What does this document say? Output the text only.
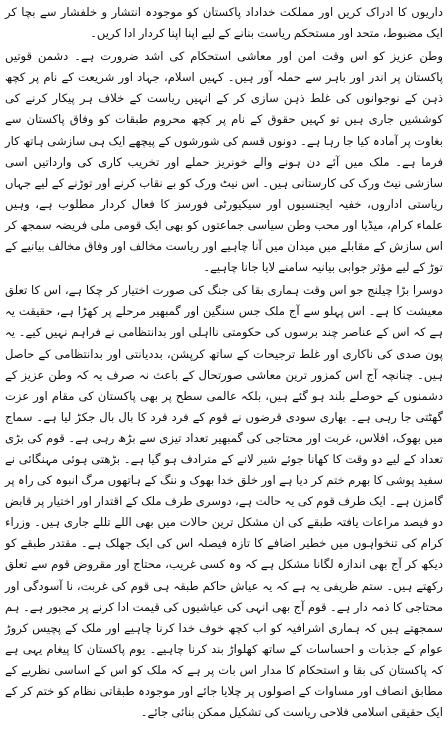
داریوں کا ادراک کریں اور مملکت خداداد پاکستان کو موجودہ انتشار و خلفشار سے بچا کر ایک مضبوط، متحد اور مستحکم ریاست بنانے کے لیے اپنا اپنا کردار ادا کریں۔

وطن عزیز کو اس وقت امن اور معاشی استحکام کی اشد ضرورت ہے۔ دشمن قوتیں پاکستان پر اندر اور باہر سے حملہ آور ہیں۔ کہیں اسلام، جہاد اور شریعت کے نام پر کچھ ذہن کے نوجوانوں کی غلط ذہن سازی کر کے انہیں ریاست کے خلاف ہر پیکار کرنے کی کوششیں جاری ہیں تو کہیں حقوق کے نام پر کچھ محروم طبقات کو وفاق پاکستان سے بغاوت پر آمادہ کیا جا رہا ہے۔ دونوں قسم کی شورشوں کے پیچھے ایک ہی سازشی ہاتھ کار فرما ہے۔ ملک میں آئے دن ہونے والے خونریز حملے اور تخریب کاری کی وارداتیں اسی سازشی نیٹ ورک کی کارستانی ہیں۔ اس نیٹ ورک کو بے نقاب کرنے اور توڑنے کے لیے جہاں ریاستی اداروں، خفیہ ایجنسیوں اور سیکیورٹی فورسز کا فعال کردار مطلوب ہے، وہیں علماء کرام، میڈیا اور محب وطن سیاسی جماعتوں کو بھی ایک قومی ملی فریضہ سمجھ کر اس سازش کے مقابلے میں میدان میں آنا چاہیے اور ریاست مخالف اور وفاق مخالف بیانیے کے توڑ کے لیے مؤثر جوابی بیانیہ سامنے لایا جانا چاہیے۔

دوسرا بڑا چیلنج جو اس وقت ہماری بقا کی جنگ کی صورت اختیار کر چکا ہے، اس کا تعلق معیشت کا ہے۔ اس پہلو سے آج ملک جس سنگین اور گمبھیر مرحلے پر کھڑا ہے، حقیقت یہ ہے کہ اس کے عناصر چند برسوں کی حکومتی نااہلی اور بدانتظامی نے فراہم نہیں کیے۔ یہ پون صدی کی ناکاری اور غلط ترجیحات کے ساتھ کرپشن، بددیانتی اور بدانتظامی کے حاصل ہیں۔ چنانچہ آج اس کمزور ترین معاشی صورتحال کے باعث نہ صرف یہ کہ وطن عزیز کے دشمنوں کے حوصلے بلند ہو گئے ہیں، بلکہ عالمی سطح پر بھی پاکستان کی مقام اور عزت گھٹتی جا رہی ہے۔ بھاری سودی قرضوں نے قوم کے فرد فرد کا بال بال جکڑ لیا ہے۔ سماج میں بھوک، افلاس، غربت اور محتاجی کی گمبھیر تعداد تیزی سے بڑھ رہی ہے۔ قوم کی بڑی تعداد کے لیے دو وقت کا کھانا جوئے شیر لانے کے مترادف ہو گیا ہے۔ بڑھتی ہوئی مہنگائی نے سفید پوشی کا بھرم ختم کر دیا ہے اور خلق خدا بھوک و ننگ کے ہاتھوں مرگ انبوہ کی راہ پر گامزن ہے۔ ایک طرف قوم کی یہ حالت ہے، دوسری طرف ملک کے اقتدار اور اختیار پر قابض دو فیصد مراعات یافتہ طبقے کی ان مشکل ترین حالات میں بھی اللے تللے جاری ہیں۔ وزراء کرام کی تنخواہوں میں خطیر اضافے کا تازہ فیصلہ اس کی ایک جھلک ہے۔ مقتدر طبقے کو دیکھ کر آج بھی اندازہ لگانا مشکل ہے کہ وہ کسی غریب، محتاج اور مقروض قوم سے تعلق رکھتے ہیں۔ ستم ظریفی یہ ہے کہ یہ عیاش حاکم طبقہ ہی قوم کی غربت، نا آسودگی اور محتاجی کا ذمہ دار ہے۔ قوم آج بھی انہی کی عیاشیوں کی قیمت ادا کرنے پر مجبور ہے۔ ہم سمجھتے ہیں کہ ہماری اشرافیہ کو اب کچھ خوف خدا کرنا چاہیے اور ملک کے پچیس کروڑ عوام کے جذبات و احساسات کے ساتھ کھلواڑ بند کرنا چاہیے۔ یوم پاکستان کا پیغام یہی ہے کہ پاکستان کی بقا و استحکام کا مدار اس بات پر ہے کہ ملک کو اس کے اساسی نظریے کے مطابق انصاف اور مساوات کے اصولوں پر چلایا جائے اور موجودہ طبقاتی نظام کو ختم کر کے ایک حقیقی اسلامی فلاحی ریاست کی تشکیل ممکن بنائی جائے۔
